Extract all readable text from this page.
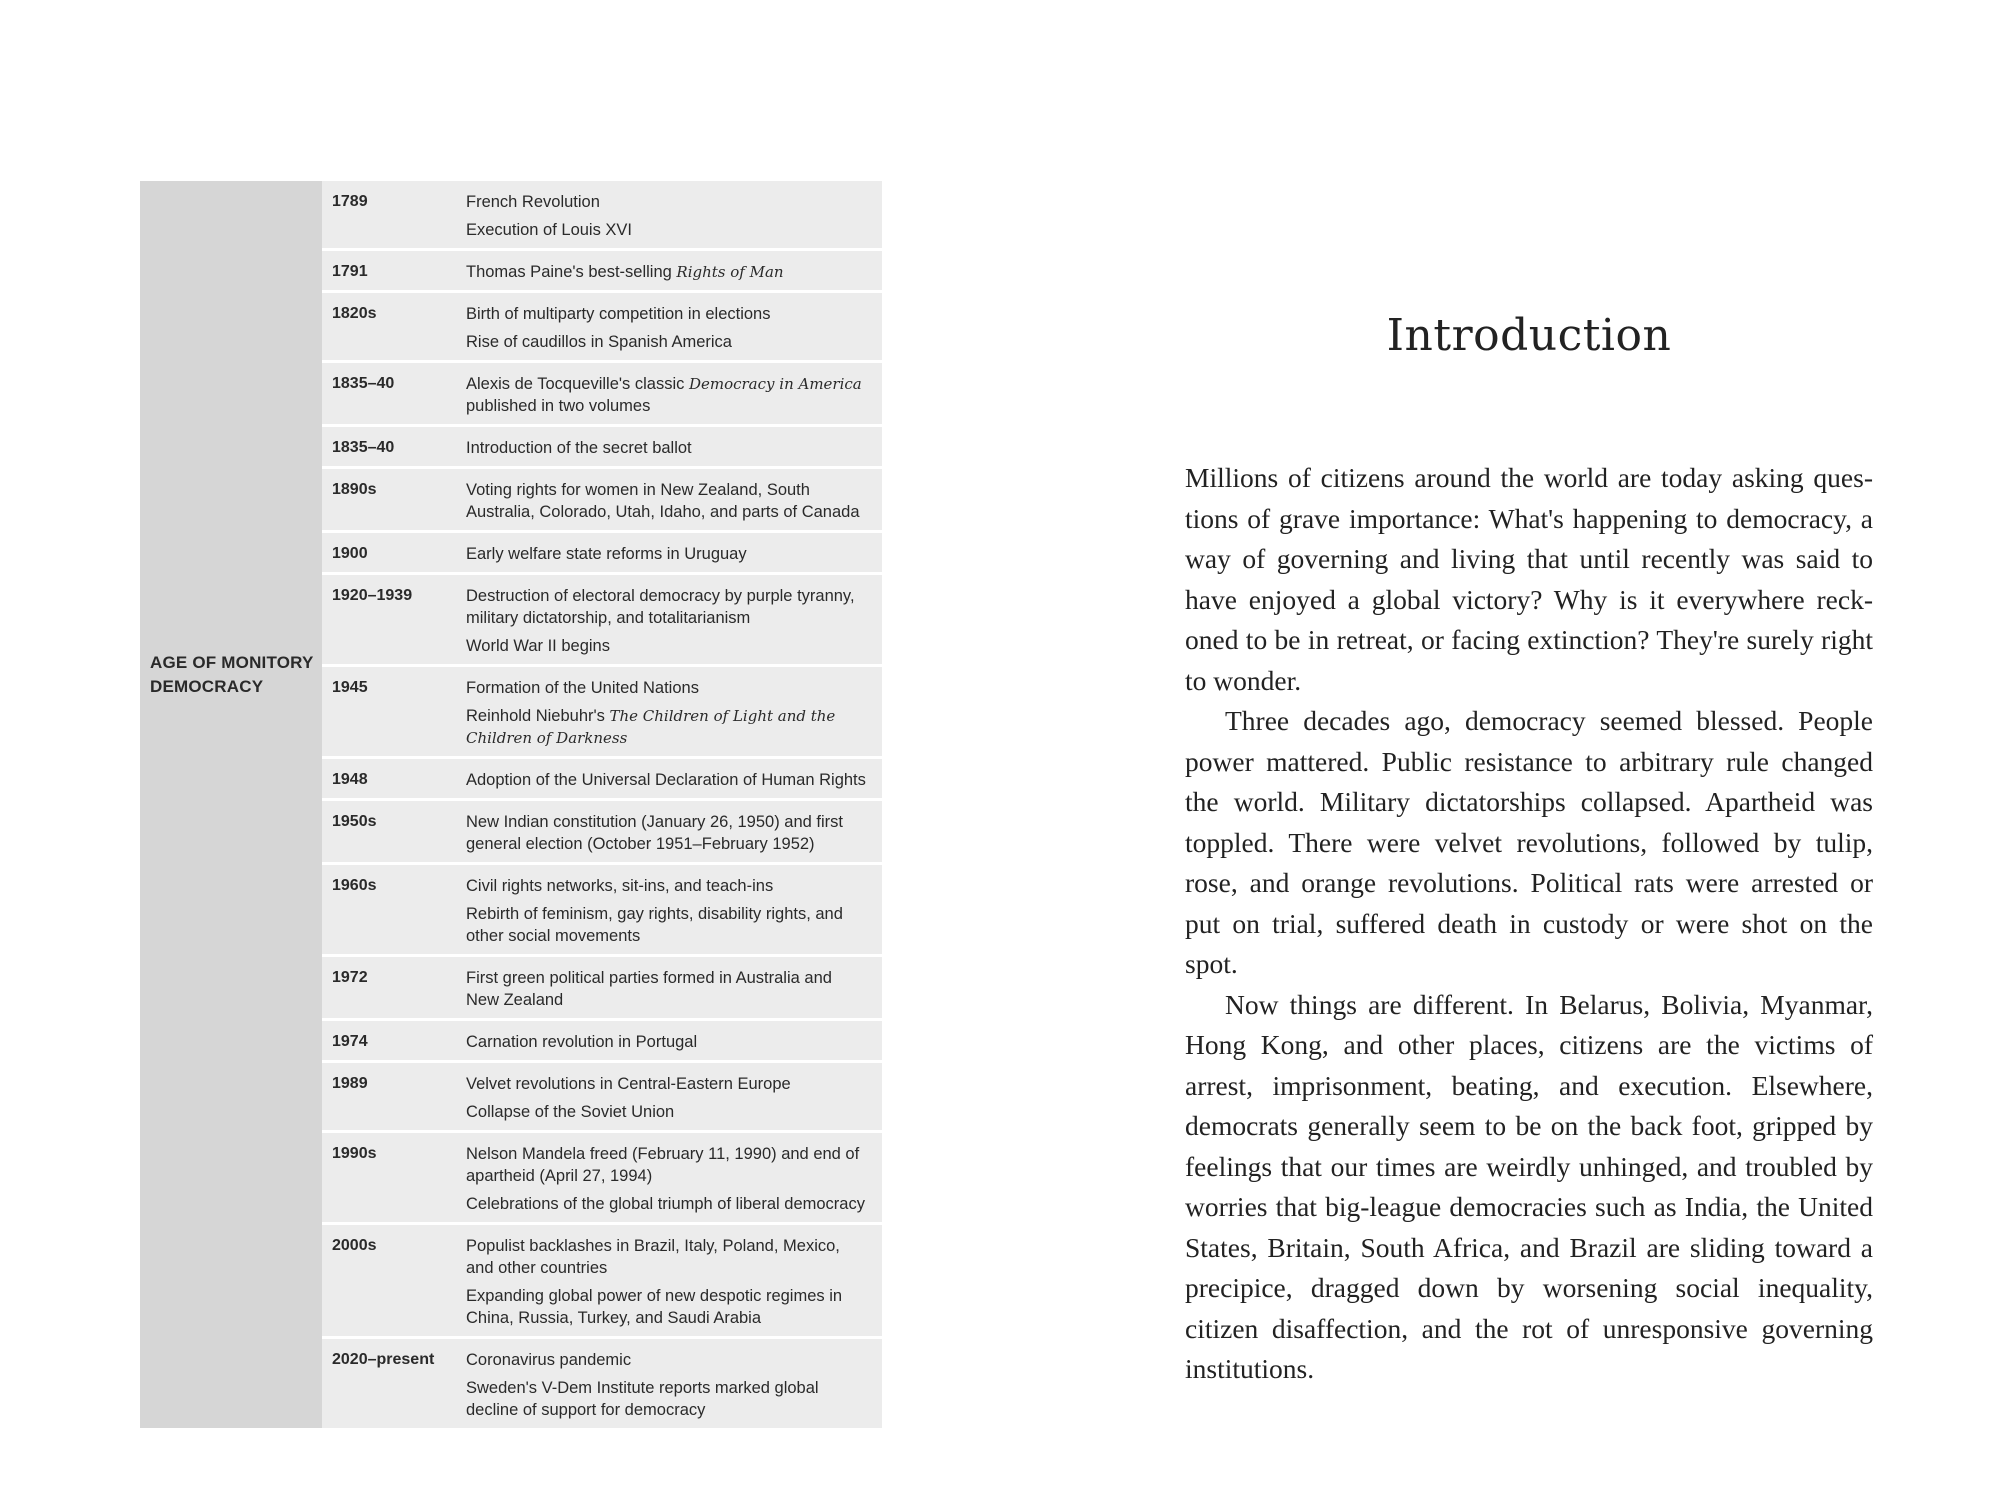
AGE OF MONITORY
DEMOCRACY
1789	French Revolution
Execution of Louis XVI
1791	Thomas Paine's best-selling Rights of Man
1820s	Birth of multiparty competition in elections
Rise of caudillos in Spanish America
1835–40	Alexis de Tocqueville's classic Democracy in America published in two volumes
1835–40	Introduction of the secret ballot
1890s	Voting rights for women in New Zealand, South Australia, Colorado, Utah, Idaho, and parts of Canada
1900	Early welfare state reforms in Uruguay
1920–1939	Destruction of electoral democracy by purple tyranny, military dictatorship, and totalitarianism
World War II begins
1945	Formation of the United Nations
Reinhold Niebuhr's The Children of Light and the Children of Darkness
1948	Adoption of the Universal Declaration of Human Rights
1950s	New Indian constitution (January 26, 1950) and first general election (October 1951–February 1952)
1960s	Civil rights networks, sit-ins, and teach-ins
Rebirth of feminism, gay rights, disability rights, and other social movements
1972	First green political parties formed in Australia and New Zealand
1974	Carnation revolution in Portugal
1989	Velvet revolutions in Central-Eastern Europe
Collapse of the Soviet Union
1990s	Nelson Mandela freed (February 11, 1990) and end of apartheid (April 27, 1994)
Celebrations of the global triumph of liberal democracy
2000s	Populist backlashes in Brazil, Italy, Poland, Mexico, and other countries
Expanding global power of new despotic regimes in China, Russia, Turkey, and Saudi Arabia
2020–present	Coronavirus pandemic
Sweden's V-Dem Institute reports marked global decline of support for democracy
Introduction

Millions of citizens around the world are today asking ques- tions of grave importance: What's happening to democracy, a way of governing and living that until recently was said to have enjoyed a global victory? Why is it everywhere reck- oned to be in retreat, or facing extinction? They're surely right to wonder.

Three decades ago, democracy seemed blessed. People power mattered. Public resistance to arbitrary rule changed the world. Military dictatorships collapsed. Apartheid was toppled. There were velvet revolutions, followed by tulip, rose, and orange revolutions. Political rats were arrested or put on trial, suffered death in custody or were shot on the spot.

Now things are different. In Belarus, Bolivia, Myanmar, Hong Kong, and other places, citizens are the victims of arrest, imprisonment, beating, and execution. Elsewhere, democrats generally seem to be on the back foot, gripped by feelings that our times are weirdly unhinged, and troubled by worries that big-league democracies such as India, the United States, Britain, South Africa, and Brazil are sliding toward a precipice, dragged down by worsening social inequality, citizen disaffection, and the rot of unresponsive governing institutions.
